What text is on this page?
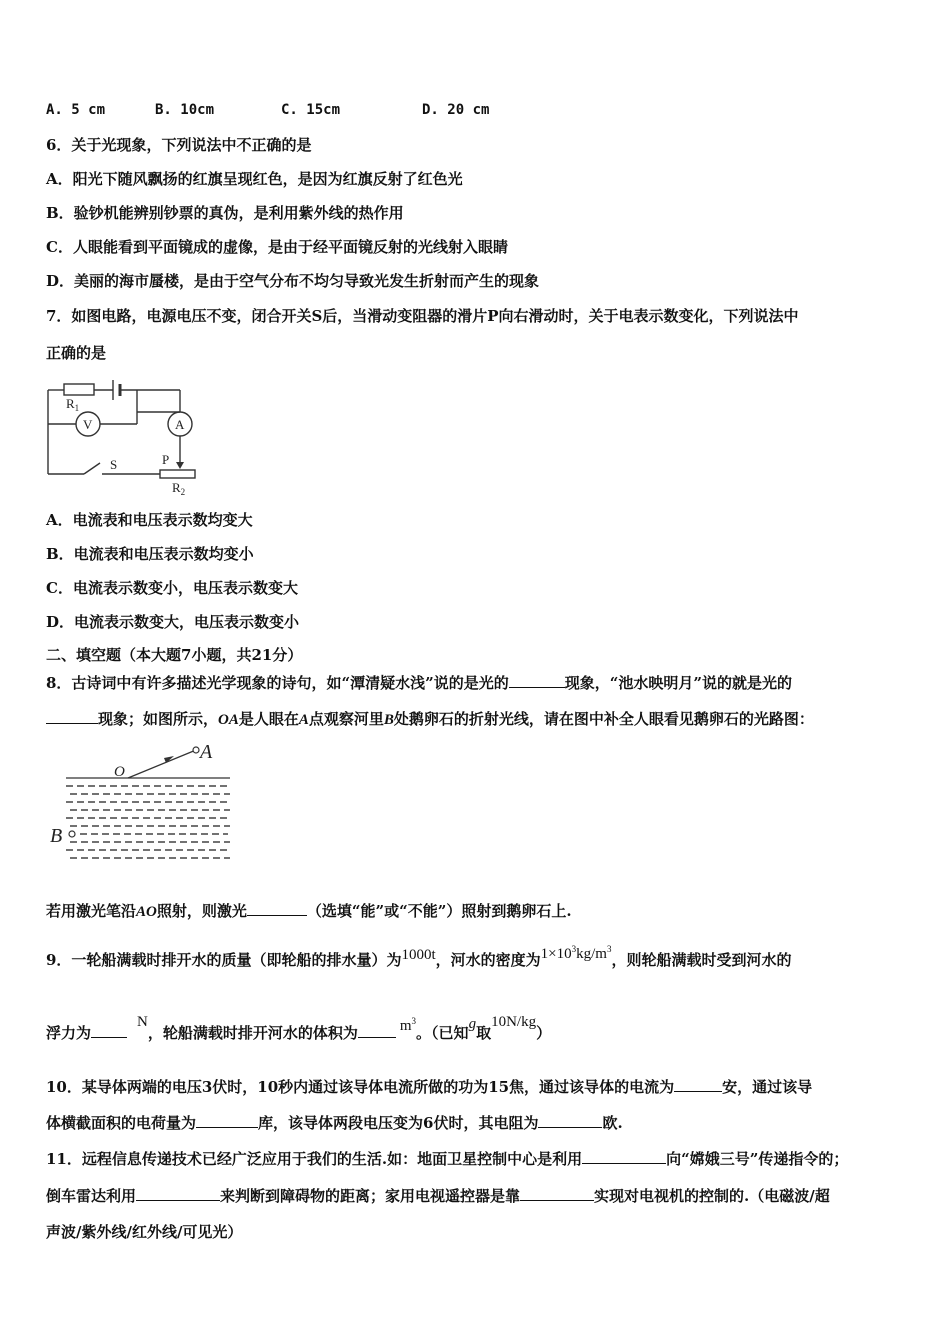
A. 5 cm	B. 10cm	C. 15cm	D. 20 cm
6．关于光现象，下列说法中不正确的是
A．阳光下随风飘扬的红旗呈现红色，是因为红旗反射了红色光
B．验钞机能辨别钞票的真伪，是利用紫外线的热作用
C．人眼能看到平面镜成的虚像，是由于经平面镜反射的光线射入眼睛
D．美丽的海市蜃楼，是由于空气分布不均匀导致光发生折射而产生的现象
7．如图电路，电源电压不变，闭合开关S后，当滑动变阻器的滑片P向右滑动时，关于电表示数变化，下列说法中
正确的是
$R_1$
V	A
S	P
$R_2$
A．电流表和电压表示数均变大
B．电流表和电压表示数均变小
C．电流表示数变小，电压表示数变大
D．电流表示数变大，电压表示数变小
二、填空题（本大题7小题，共21分）
8．古诗词中有许多描述光学现象的诗句，如“潭清疑水浅”说的是光的	现象，“池水映明月”说的就是光的
现象；如图所示，OA是人眼在A点观察河里B处鹅卵石的折射光线，请在图中补全人眼看见鹅卵石的光路图：
O
A
B
若用激光笔沿AO照射，则激光	（选填“能”或“不能”）照射到鹅卵石上.
9．一轮船满载时排开水的质量（即轮船的排水量）为1000t，河水的密度为$1\times 10^3kg/m^3$，则轮船满载时受到河水的
浮力为N，轮船满载时排开河水的体积为	$m^3$。（已知g取10N/kg）
10．某导体两端的电压3伏时，10秒内通过该导体电流所做的功为15焦，通过该导体的电流为	安，通过该导
体横截面积的电荷量为	库，该导体两段电压变为6伏时，其电阻为	欧.
11．远程信息传递技术已经广泛应用于我们的生活.如：地面卫星控制中心是利用	向“嫦娥三号”传递指令的；
倒车雷达利用	来判断到障碍物的距离；家用电视遥控器是靠	实现对电视机的控制的.（电磁波/超
声波/紫外线/红外线/可见光）
